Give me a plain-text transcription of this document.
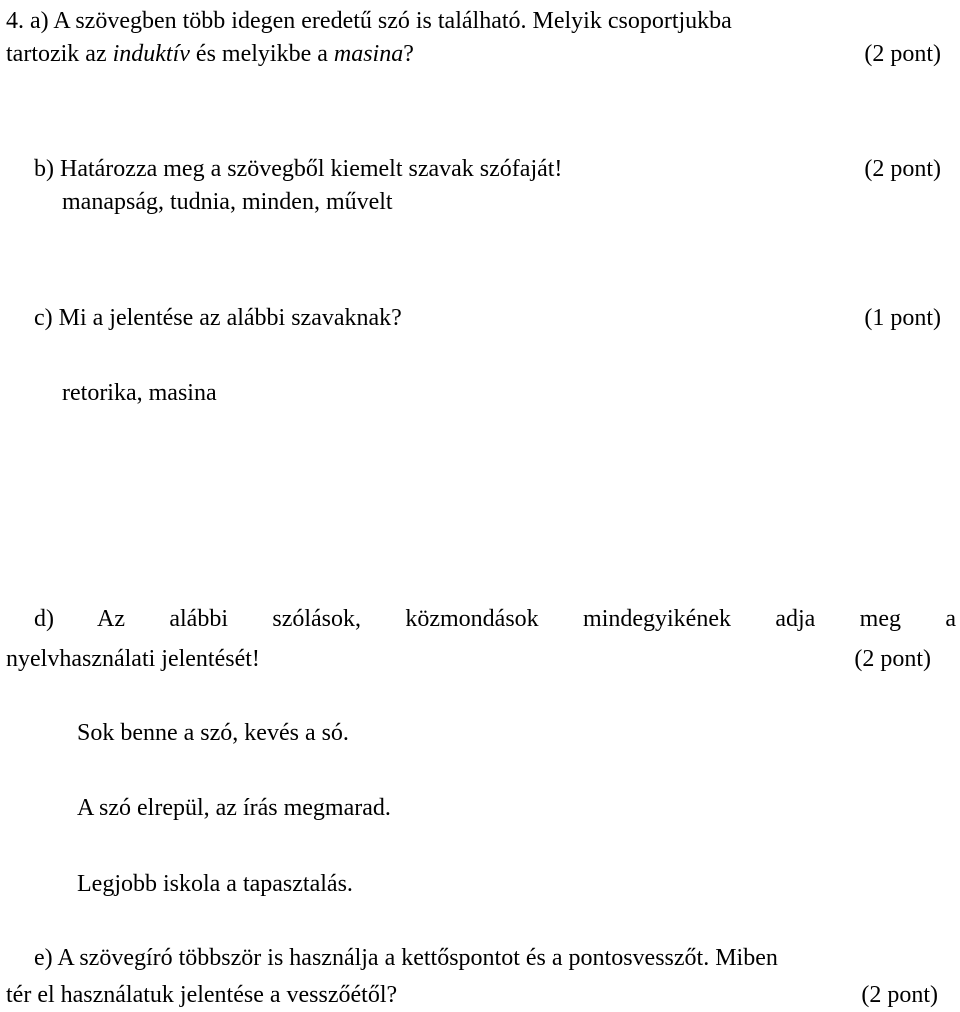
4. a) A szövegben több idegen eredetű szó is található. Melyik csoportjukba
tartozik az induktív és melyikbe a masina?	(2 pont)
b) Határozza meg a szövegből kiemelt szavak szófaját!	(2 pont)
manapság, tudnia, minden, művelt
c) Mi a jelentése az alábbi szavaknak?	(1 pont)
retorika, masina
d) Az alábbi szólások, közmondások mindegyikének adja meg a
nyelvhasználati jelentését!	(2 pont)
Sok benne a szó, kevés a só.
A szó elrepül, az írás megmarad.
Legjobb iskola a tapasztalás.
e) A szövegíró többször is használja a kettőspontot és a pontosvesszőt. Miben
tér el használatuk jelentése a vesszőétől?	(2 pont)
